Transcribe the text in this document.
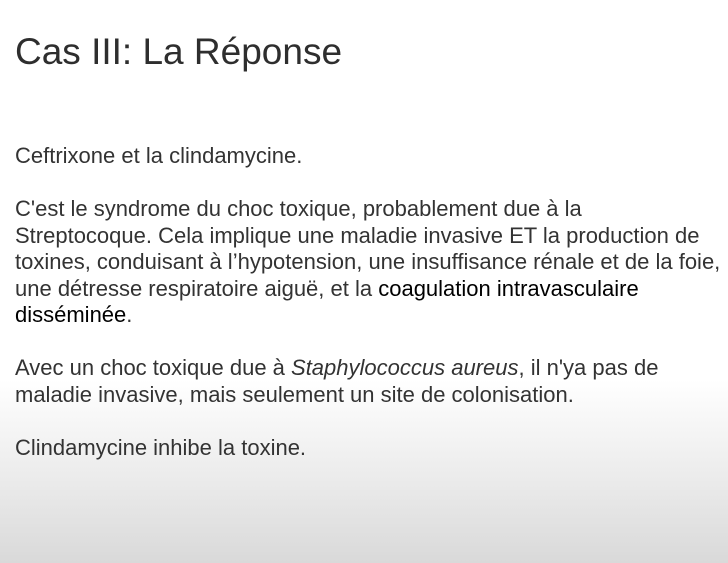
Cas III: La Réponse

Ceftrixone et la clindamycine.

C'est le syndrome du choc toxique, probablement due à la Streptocoque. Cela implique une maladie invasive ET la production de toxines, conduisant à l’hypotension, une insuffisance rénale et de la foie, une détresse respiratoire aiguë, et la coagulation intravasculaire disséminée.

Avec un choc toxique due à Staphylococcus aureus, il n'ya pas de maladie invasive, mais seulement un site de colonisation.

Clindamycine inhibe la toxine.
